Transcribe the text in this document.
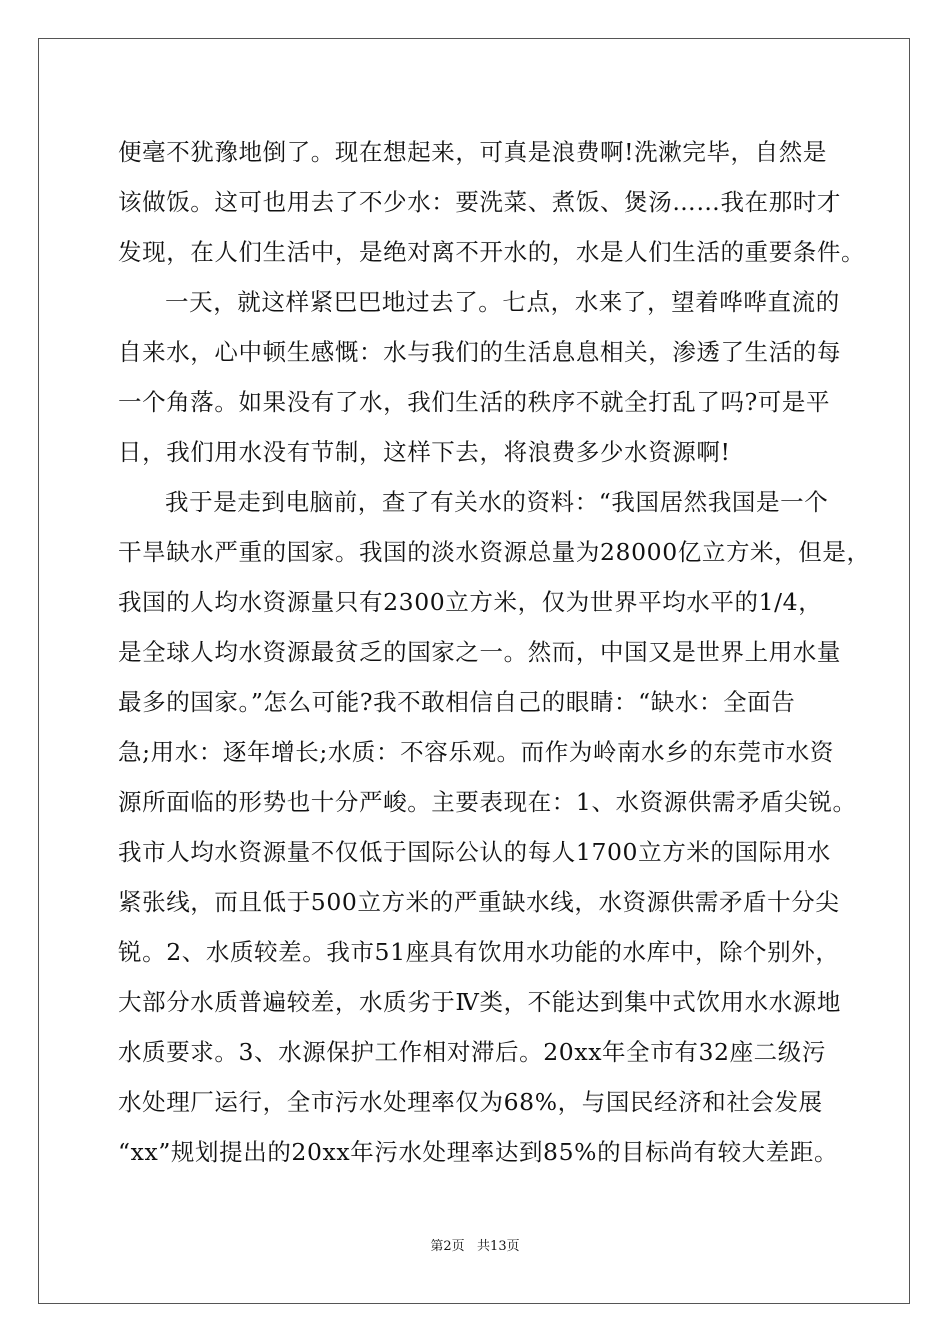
便毫不犹豫地倒了。现在想起来，可真是浪费啊!洗漱完毕，自然是
该做饭。这可也用去了不少水：要洗菜、煮饭、煲汤……我在那时才
发现，在人们生活中，是绝对离不开水的，水是人们生活的重要条件。
一天，就这样紧巴巴地过去了。七点，水来了，望着哗哗直流的
自来水，心中顿生感慨：水与我们的生活息息相关，渗透了生活的每
一个角落。如果没有了水，我们生活的秩序不就全打乱了吗?可是平
日，我们用水没有节制，这样下去，将浪费多少水资源啊!
我于是走到电脑前，查了有关水的资料：“我国居然我国是一个
干旱缺水严重的国家。我国的淡水资源总量为28000亿立方米，但是，
我国的人均水资源量只有2300立方米，仅为世界平均水平的1/4，
是全球人均水资源最贫乏的国家之一。然而，中国又是世界上用水量
最多的国家。”怎么可能?我不敢相信自己的眼睛：“缺水：全面告
急;用水：逐年增长;水质：不容乐观。而作为岭南水乡的东莞市水资
源所面临的形势也十分严峻。主要表现在：1、水资源供需矛盾尖锐。
我市人均水资源量不仅低于国际公认的每人1700立方米的国际用水
紧张线，而且低于500立方米的严重缺水线，水资源供需矛盾十分尖
锐。2、水质较差。我市51座具有饮用水功能的水库中，除个别外，
大部分水质普遍较差，水质劣于Ⅳ类，不能达到集中式饮用水水源地
水质要求。3、水源保护工作相对滞后。20xx年全市有32座二级污
水处理厂运行，全市污水处理率仅为68%，与国民经济和社会发展
“xx”规划提出的20xx年污水处理率达到85%的目标尚有较大差距。
第2页   共13页
